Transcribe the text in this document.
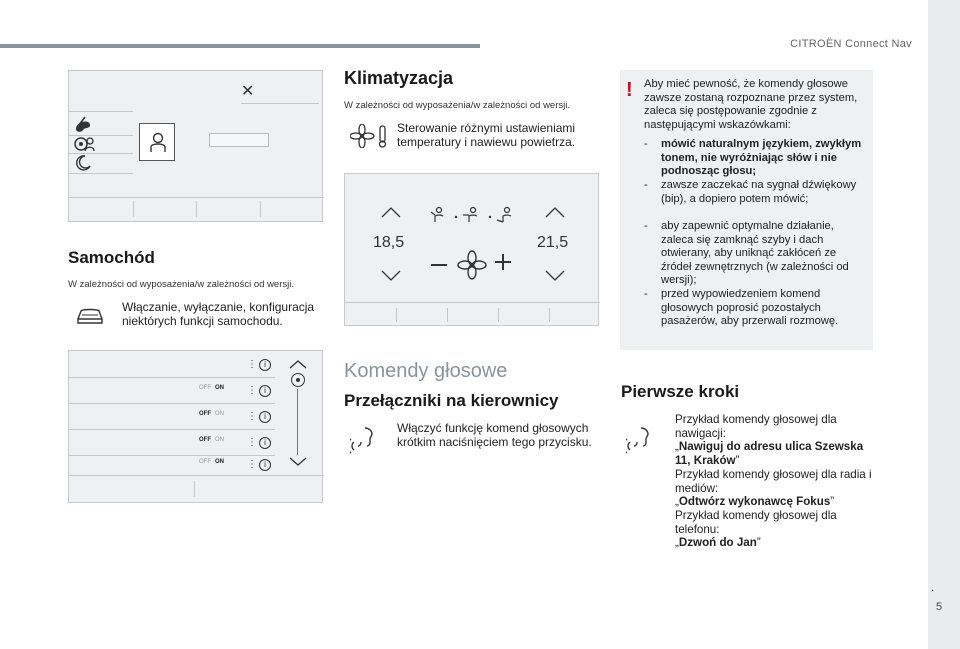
CITROËN Connect Nav
.
5
✕
Samochód
W zależności od wyposażenia/w zależności od wersji.
Włączanie, wyłączanie, konfiguracja niektórych funkcji samochodu.
⋮ i
OFF ON ⋮ i
OFF ON ⋮ i
OFF ON ⋮ i
OFF ON ⋮ i
Klimatyzacja
W zależności od wyposażenia/w zależności od wersji.
Sterowanie różnymi ustawieniami temperatury i nawiewu powietrza.
18,5	21,5
Komendy głosowe
Przełączniki na kierownicy
Włączyć funkcję komend głosowych krótkim naciśnięciem tego przycisku.
! Aby mieć pewność, że komendy głosowe zawsze zostaną rozpoznane przez system, zaleca się postępowanie zgodnie z następującymi wskazówkami:
- mówić naturalnym językiem, zwykłym tonem, nie wyróżniając słów i nie podnosząc głosu;
- zawsze zaczekać na sygnał dźwiękowy (bip), a dopiero potem mówić;
- aby zapewnić optymalne działanie, zaleca się zamknąć szyby i dach otwierany, aby uniknąć zakłóceń ze źródeł zewnętrznych (w zależności od wersji);
- przed wypowiedzeniem komend głosowych poprosić pozostałych pasażerów, aby przerwali rozmowę.
Pierwsze kroki
Przykład komendy głosowej dla nawigacji:
„Nawiguj do adresu ulica Szewska 11, Kraków”
Przykład komendy głosowej dla radia i mediów:
„Odtwórz wykonawcę Fokus”
Przykład komendy głosowej dla telefonu:
„Dzwoń do Jan”
